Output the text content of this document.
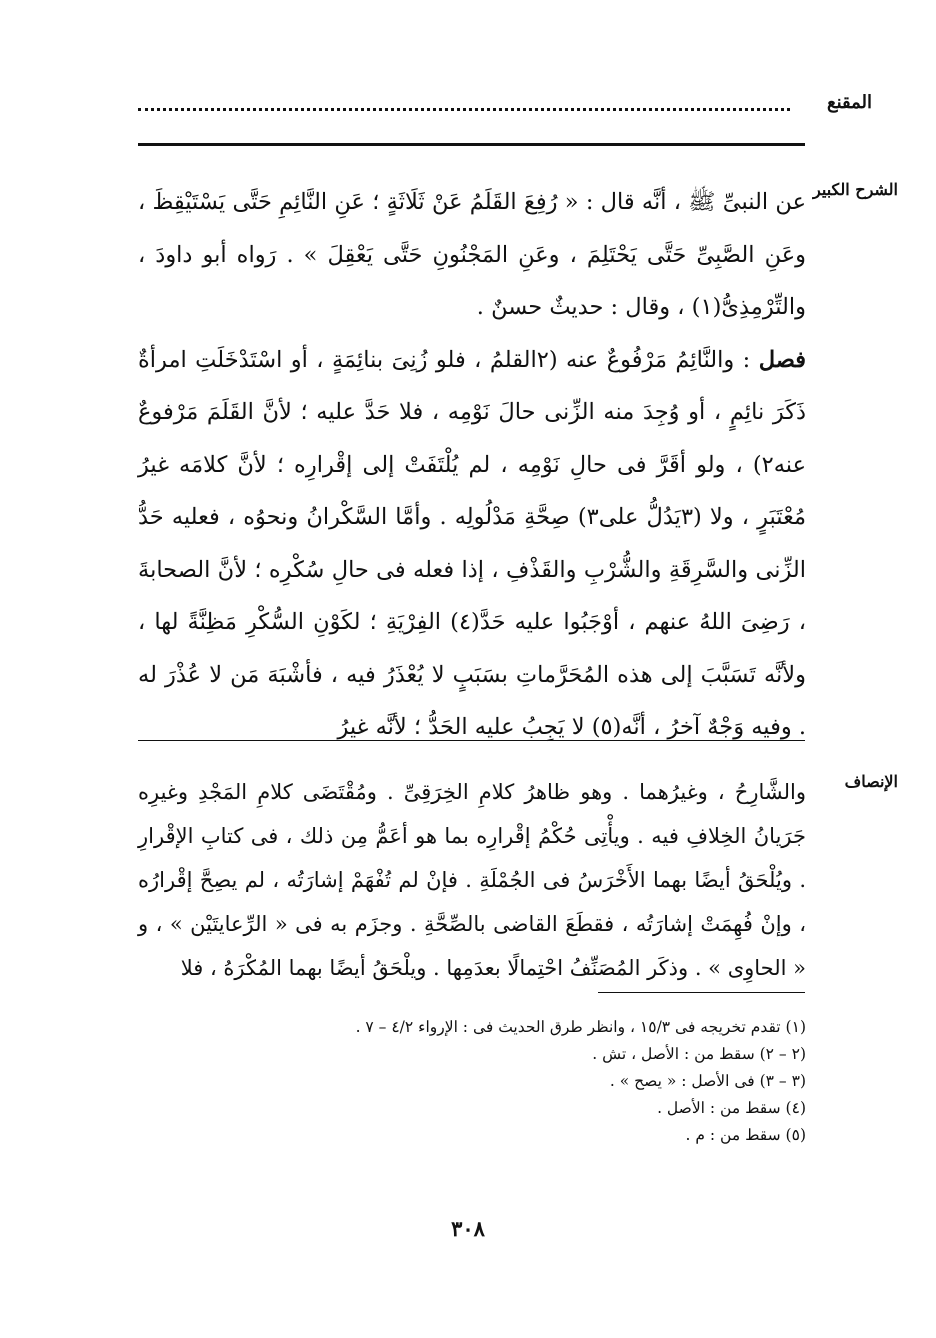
المقنع
الشرح الكبير

عن النبىِّ ﷺ ، أنَّه قال : « رُفِعَ القَلَمُ عَنْ ثَلَاثَةٍ ؛ عَنِ النَّائِمِ حَتَّى يَسْتَيْقِظَ ، وعَنِ الصَّبِىِّ حَتَّى يَحْتَلِمَ ، وعَنِ المَجْنُونِ حَتَّى يَعْقِلَ » . رَواه أبو داودَ ، والتِّرْمِذِىُّ(١) ، وقال : حديثٌ حسنٌ .

فصل : والنَّائِمُ مَرْفُوعٌ عنه (٢القلمُ ، فلو زُنِىَ بنائِمَةٍ ، أو اسْتَدْخَلَتِ امرأةٌ ذَكَرَ نائِمٍ ، أو وُجِدَ منه الزِّنى حالَ نَوْمِه ، فلا حَدَّ عليه ؛ لأنَّ القَلَمَ مَرْفوعٌ عنه٢) ، ولو أقَرَّ فى حالِ نَوْمِه ، لم يُلْتَفَتْ إلى إقْرارِه ؛ لأنَّ كلامَه غيرُ مُعْتَبَرٍ ، ولا (٣يَدُلُّ على٣) صِحَّةِ مَدْلُولِه . وأمَّا السَّكْرانُ ونحوُه ، فعليه حَدُّ الزِّنى والسَّرِقَةِ والشُّرْبِ والقَذْفِ ، إذا فعله فى حالِ سُكْرِه ؛ لأنَّ الصحابةَ ، رَضِىَ اللهُ عنهم ، أوْجَبُوا عليه حَدَّ(٤) الفِرْيَةِ ؛ لكَوْنِ السُّكْرِ مَظِنَّةً لها ، ولأنَّه تَسَبَّبَ إلى هذه المُحَرَّماتِ بسَبَبٍ لا يُعْذَرُ فيه ، فأشْبَهَ مَن لا عُذْرَ له . وفيه وَجْهٌ آخرُ ، أنَّه(٥) لا يَجِبُ عليه الحَدُّ ؛ لأنَّه غيرُ

الإنصاف

والشَّارِحُ ، وغيرُهما . وهو ظاهرُ كلامِ الخِرَقِىِّ . ومُقْتَضَى كلامِ المَجْدِ وغيرِه جَرَيانُ الخِلافِ فيه . ويأْتِى حُكْمُ إقْرارِه بما هو أعَمُّ مِن ذلك ، فى كتابِ الإقْرارِ . ويُلْحَقُ أيضًا بهما الأَخْرَسُ فى الجُمْلَةِ . فإنْ لم تُفْهَمْ إشارَتُه ، لم يصِحَّ إقْرارُه ، وإنْ فُهِمَتْ إشارَتُه ، فقطَعَ القاضى بالصِّحَّةِ . وجزَم به فى « الرِّعايتَيْن » ، و « الحاوِى » . وذكَر المُصَنِّفُ احْتِمالًا بعدَمِها . ويلْحَقُ أيضًا بهما المُكْرَهُ ، فلا

(١) تقدم تخريجه فى ١٥/٣ ، وانظر طرق الحديث فى : الإرواء ٤/٢ – ٧ .

(٢ – ٢) سقط من : الأصل ، تش .

(٣ – ٣) فى الأصل : « يصح » .

(٤) سقط من : الأصل .

(٥) سقط من : م .

٣٠٨
